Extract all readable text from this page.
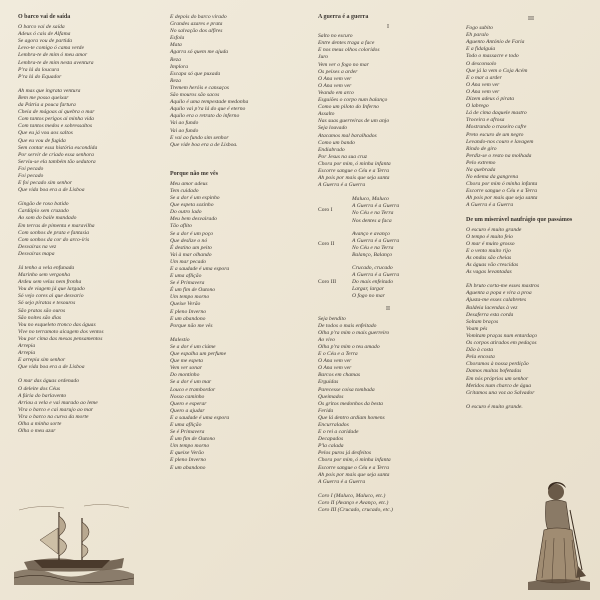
O barco vai de saída
O barco vai de saída
Adeus ó cais de Alfama
Se agora vou de partida
Levo-te comigo ó cama verde
Lembra-te de mim ó meu amor
Lembra-te de mim nesta aventura
P'ra lá da loucura
P'ra lá do Equador
Ah mas que ingrata ventura
Bem me posso queixar
da Pátria a pouca fartura
Cheia de mágoas ai quebra o mar
Com tantos perigos ai minha vida
Com tantos medos e sobressaltos
Que eu já vou aos saltos
Que eu vou de fugida
Sem contar essa história escondida
Por servir de criado essa senhora
Serviu-se ela também tão sedutora
Foi pecado
Foi pecado
E foi pecado sim senhor
Que vida boa era a de Lisboa
Gingão de roxo batido
Cardápio sem cruzado
Ao som do baile mandado
Em terras de pimenta e maravilha
Com sonhos de prata e fantasia
Com sonhos da cor do arco-íris
Desvairas na vez
Desvairas mapa
Já tenho a vela enfunada
Marinho sem vergonha
Ardeu sem velas nem fronha
Vou de viagem já que largado
Só vejo cores ai que desvario
Só sejo piratas e tesouros
São pratas são ouros
São noites são dias
Vou no esqueleto tronco das águas
Vive no terramoto aicagem dos ventos
Vou por cima das mesas pensamentos
Arrepia
Arrepia
E arrepia sim senhor
Que vida boa era a de Lisboa
O mar das águas ordenado
O deleite dos Céus
A fúria do barlavento
Arriou a vela e vai murado ao leme
Vira o barco e cai marujo ao mar
Vira o barco na curva da morte
Olha a minha sorte
Olha o meu azar
E depois do barco virado
Grandes azares e prata
No salvação dos alfires
Esfola
Mata
Agarra só quem me ajuda
Reza
Implora
Escapa só que puxada
Reza
Tremem heróis e cansaços
São mouros são sacos
Aquilo é uma tempestade medonha
Aquilo vai p'ra lá do que é eterno
Aquilo era o retrato do inferno
Vai ao fundo
Vai ao fundo
E vai ao fundo sim senhor
Que vide boa era a de Lisboa.
Porque não me vês
Meu amor adeus
Tem cuidado
Se a dor é um espinho
Que espeta sozinho
Do outro lado
Meu bem desvairado
Tão aflito
Se a dor é um poço
Que deslize o nó
É destino um peito
Vai à mar olhando
Um mar pecado
E a saudade é uma espora
E uma aflição
Se é Primavera
É um fim de Outono
Um tempo morno
Queixe Verão
E pleno Inverno
E um abandono
Porque não me vês
Malestio
Se a dor é um ciúme
Que espalha um perfume
Que me espeta
Vem ver sonar
Do montinho
Se a dor é um mar
Louco e trambordor
Nosso caminho
Quero e esperar
Quero a ajudar
E a saudade é uma espora
E uma aflição
Se é Primavera
É um fim de Outono
Um tempo morno
E queixe Verão
E pleno Inverno
E um abandono
A guerra é a guerra
I
Salto no escuro
Entre dentes traga a face
E nos meus olhos coloridos
Juro
Vem ver o fogo no mar
Os peixes a arder
O Ana vem ver
O Ana vem ver
Veando em arco
Esguiões o corpo num balanço
Como um piloto do Inferno
Assalto
Nas suas guerreiras de um anjo
Seja louvado
Atacamos mal baralhados
Como um bando
Endiabrado
Por Jesus na sua cruz
Chora por mim, ó minha infanta
Escorre sangue o Céu e a Terra
Ah pois por mais que seja santa
A Guerra é a Guerra
Coro I
Maluco, Maluco
A Guerra é a Guerra
No Céu e na Terra
Nos dentes a faca
Coro II
Avanço e avanço
A Guerra é a Guerra
No Céu e na Terra
Balanço, Balanço
Coro III
Crucado, crucado
A Guerra é a Guerra
Do mais enfeitado
Largar, largar
O fogo no mar
II
Seja bendito
De todos o mais enfeitado
Olha p'ra mim o mais guerreiro
Ao vivo
Olha p'ra mim o teu amado
E o Céu e a Terra
O Ana vem ver
O Ana vem ver
Barcos em chamas
Erguidas
Parecesse coisa tombada
Queimados
Os gritos medonhos da besta
Ferida
Que lá dentro ardiam homens
Encurralados
E o rei a caridade
Decapados
P'la calada
Pelos puros já desfeitos
Chora por mim, ó minha infanta
Escorre sangue o Céu e a Terra
Ah pois por mais que seja santa
A Guerra é a Guerra
Coro I (Maluco, Maluco, etc.)
Coro II (Avanço e Avanço, etc.)
Coro III (Crucado, crucado, etc.)
III
Fogo subito
Eh paralo
Aguento António de Faria
E a fidalguia
Todo o massacre e todo
O desconsolo
Que já la vem o Coja Acém
E o mar a arder
O Ana vem ver
O Ana vem ver
Dizem adeus ó pirata
O labrego
Lá de cima daquele mastro
Troceira e afrosa
Mostrando o traseiro cafre
Preto escuro de um negro
Levando-nos couro e lavagem
Rindo de giro
Perdiz-se o resto na molhada
Pelo extremo
Na quebrada
No edema da gangrena
Chora por mim ó minha infanta
Escorre sangue o Céu e a Terra
Ah pois por mais que seja santa
A Guerra é a Guerra
De um miserável naufrágio que passámos
O escuro é muito grande
O tempo é muito feio
O mar é muito grosso
E o vento muito rijo
As ondas são cheias
As águas vão crescidas
As vagas levantadas
Eh bruto corta-me esses mastros
Aguenta a popa e vira a proa
Ajusta-me esses calabretes
Baldeia lacendas à vez
Desaferra esta corda
Soltam braços
Voam pés
Vomitam praças num entardaço
Os corpos atirados em pedaços
Dão à costa
Pela encosta
Choramos à nossa perdição
Damos muitas bofetadas
Em nós próprios um senhor
Metidos num charco de água
Gritamos una voz ao Salvador
O escuro é muito grande.
